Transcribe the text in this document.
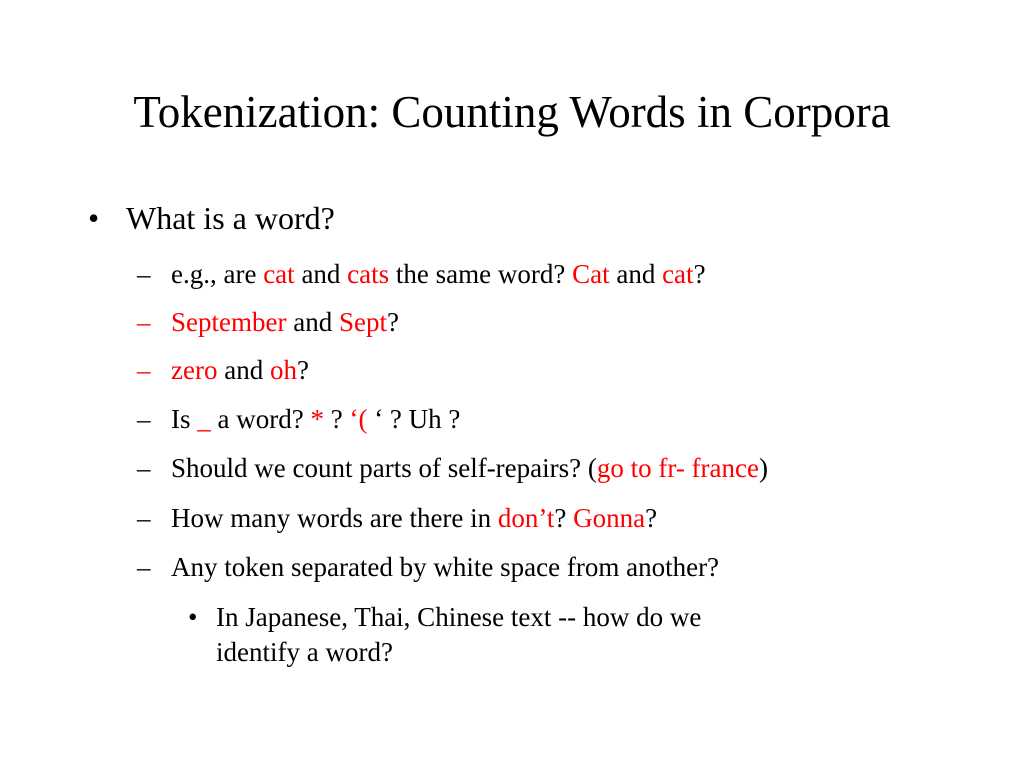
Tokenization: Counting Words in Corpora
• What is a word?
– e.g., are cat and cats the same word? Cat and cat?
– September and Sept?
– zero and oh?
– Is _ a word? * ? ‘( ‘ ? Uh ?
– Should we count parts of self-repairs? (go to fr- france)
– How many words are there in don’t? Gonna?
– Any token separated by white space from another?
• In Japanese, Thai, Chinese text -- how do we
identify a word?
